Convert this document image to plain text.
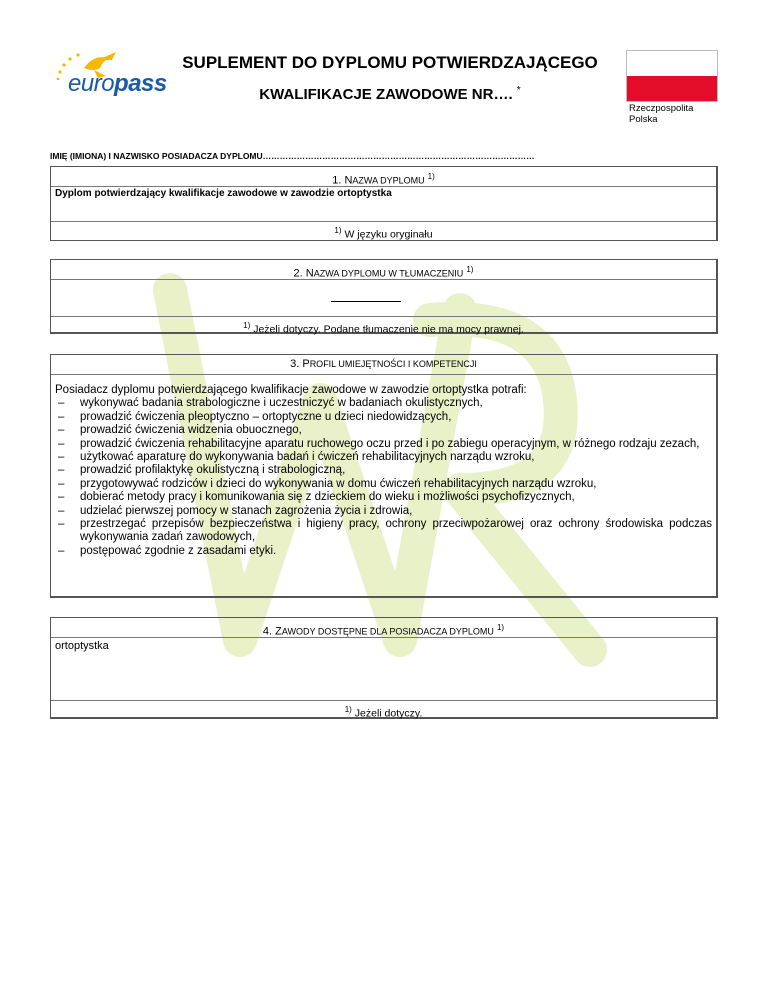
europass
SUPLEMENT DO DYPLOMU POTWIERDZAJĄCEGO
KWALIFIKACJE ZAWODOWE NR…. *
Rzeczpospolita
Polska
IMIĘ (IMIONA) I NAZWISKO POSIADACZA DYPLOMU……………………………………………………………………………………
1. NAZWA DYPLOMU $^{1)}$
Dyplom potwierdzający kwalifikacje zawodowe w zawodzie ortoptystka
$^{1)}$ W języku oryginału
2. NAZWA DYPLOMU W TŁUMACZENIU $^{1)}$
$^{1)}$ Jeżeli dotyczy. Podane tłumaczenie nie ma mocy prawnej.
3. PROFIL UMIEJĘTNOŚCI I KOMPETENCJI
Posiadacz dyplomu potwierdzającego kwalifikacje zawodowe w zawodzie ortoptystka potrafi:
– wykonywać badania strabologiczne i uczestniczyć w badaniach okulistycznych,
– prowadzić ćwiczenia pleoptyczno – ortoptyczne u dzieci niedowidzących,
– prowadzić ćwiczenia widzenia obuocznego,
– prowadzić ćwiczenia rehabilitacyjne aparatu ruchowego oczu przed i po zabiegu operacyjnym, w różnego rodzaju zezach,
– użytkować aparaturę do wykonywania badań i ćwiczeń rehabilitacyjnych narządu wzroku,
– prowadzić profilaktykę okulistyczną i strabologiczną,
– przygotowywać rodziców i dzieci do wykonywania w domu ćwiczeń rehabilitacyjnych narządu wzroku,
– dobierać metody pracy i komunikowania się z dzieckiem do wieku i możliwości psychofizycznych,
– udzielać pierwszej pomocy w stanach zagrożenia życia i zdrowia,
– przestrzegać przepisów bezpieczeństwa i higieny pracy, ochrony przeciwpożarowej oraz ochrony środowiska podczas wykonywania zadań zawodowych,
– postępować zgodnie z zasadami etyki.
4. ZAWODY DOSTĘPNE DLA POSIADACZA DYPLOMU $^{1)}$
ortoptystka
$^{1)}$ Jeżeli dotyczy.
